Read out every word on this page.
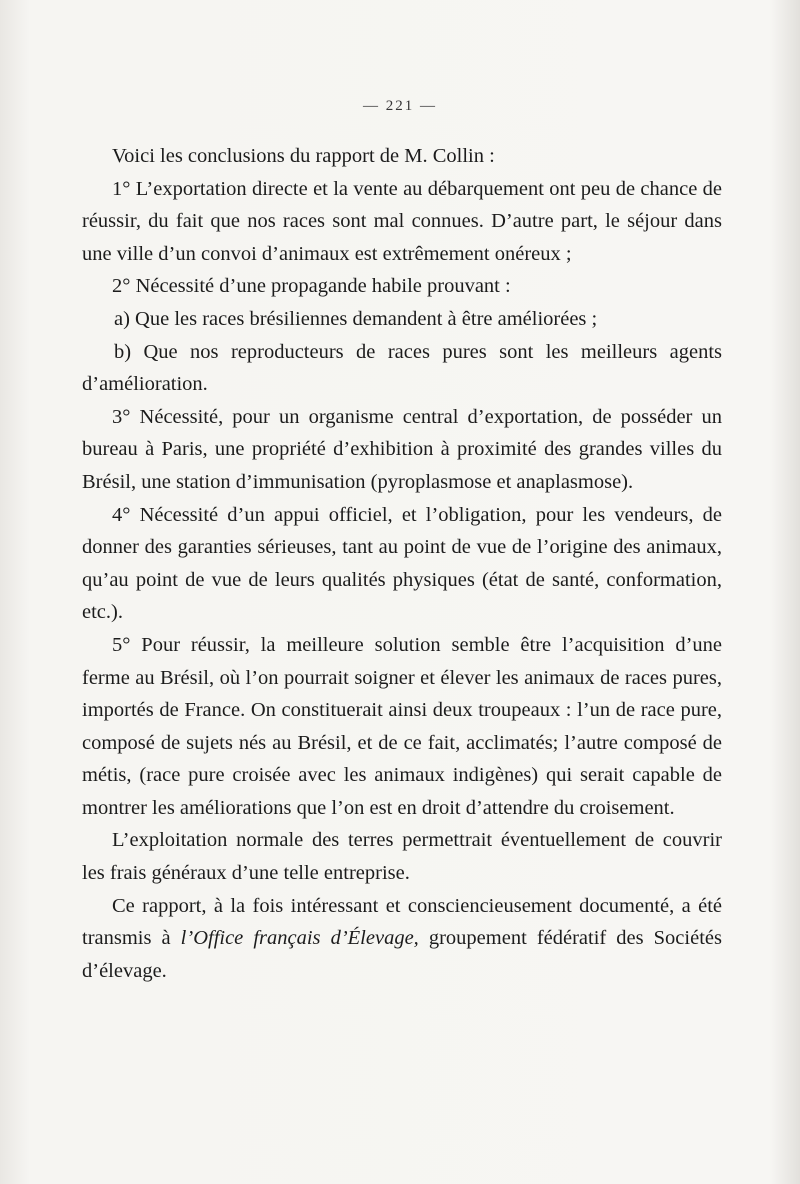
— 221 —

Voici les conclusions du rapport de M. Collin :

1° L’exportation directe et la vente au débarquement ont peu de chance de réussir, du fait que nos races sont mal connues. D’autre part, le séjour dans une ville d’un convoi d’animaux est extrêmement onéreux ;

2° Nécessité d’une propagande habile prouvant :

a) Que les races brésiliennes demandent à être améliorées ;

b) Que nos reproducteurs de races pures sont les meilleurs agents d’amélioration.

3° Nécessité, pour un organisme central d’exportation, de posséder un bureau à Paris, une propriété d’exhibition à proximité des grandes villes du Brésil, une station d’immunisation (pyroplasmose et anaplasmose).

4° Nécessité d’un appui officiel, et l’obligation, pour les vendeurs, de donner des garanties sérieuses, tant au point de vue de l’origine des animaux, qu’au point de vue de leurs qualités physiques (état de santé, conformation, etc.).

5° Pour réussir, la meilleure solution semble être l’acquisition d’une ferme au Brésil, où l’on pourrait soigner et élever les animaux de races pures, importés de France. On constituerait ainsi deux troupeaux : l’un de race pure, composé de sujets nés au Brésil, et de ce fait, acclimatés; l’autre composé de métis, (race pure croisée avec les animaux indigènes) qui serait capable de montrer les améliorations que l’on est en droit d’attendre du croisement.

L’exploitation normale des terres permettrait éventuellement de couvrir les frais généraux d’une telle entreprise.

Ce rapport, à la fois intéressant et consciencieusement documenté, a été transmis à l’Office français d’Élevage, groupement fédératif des Sociétés d’élevage.
